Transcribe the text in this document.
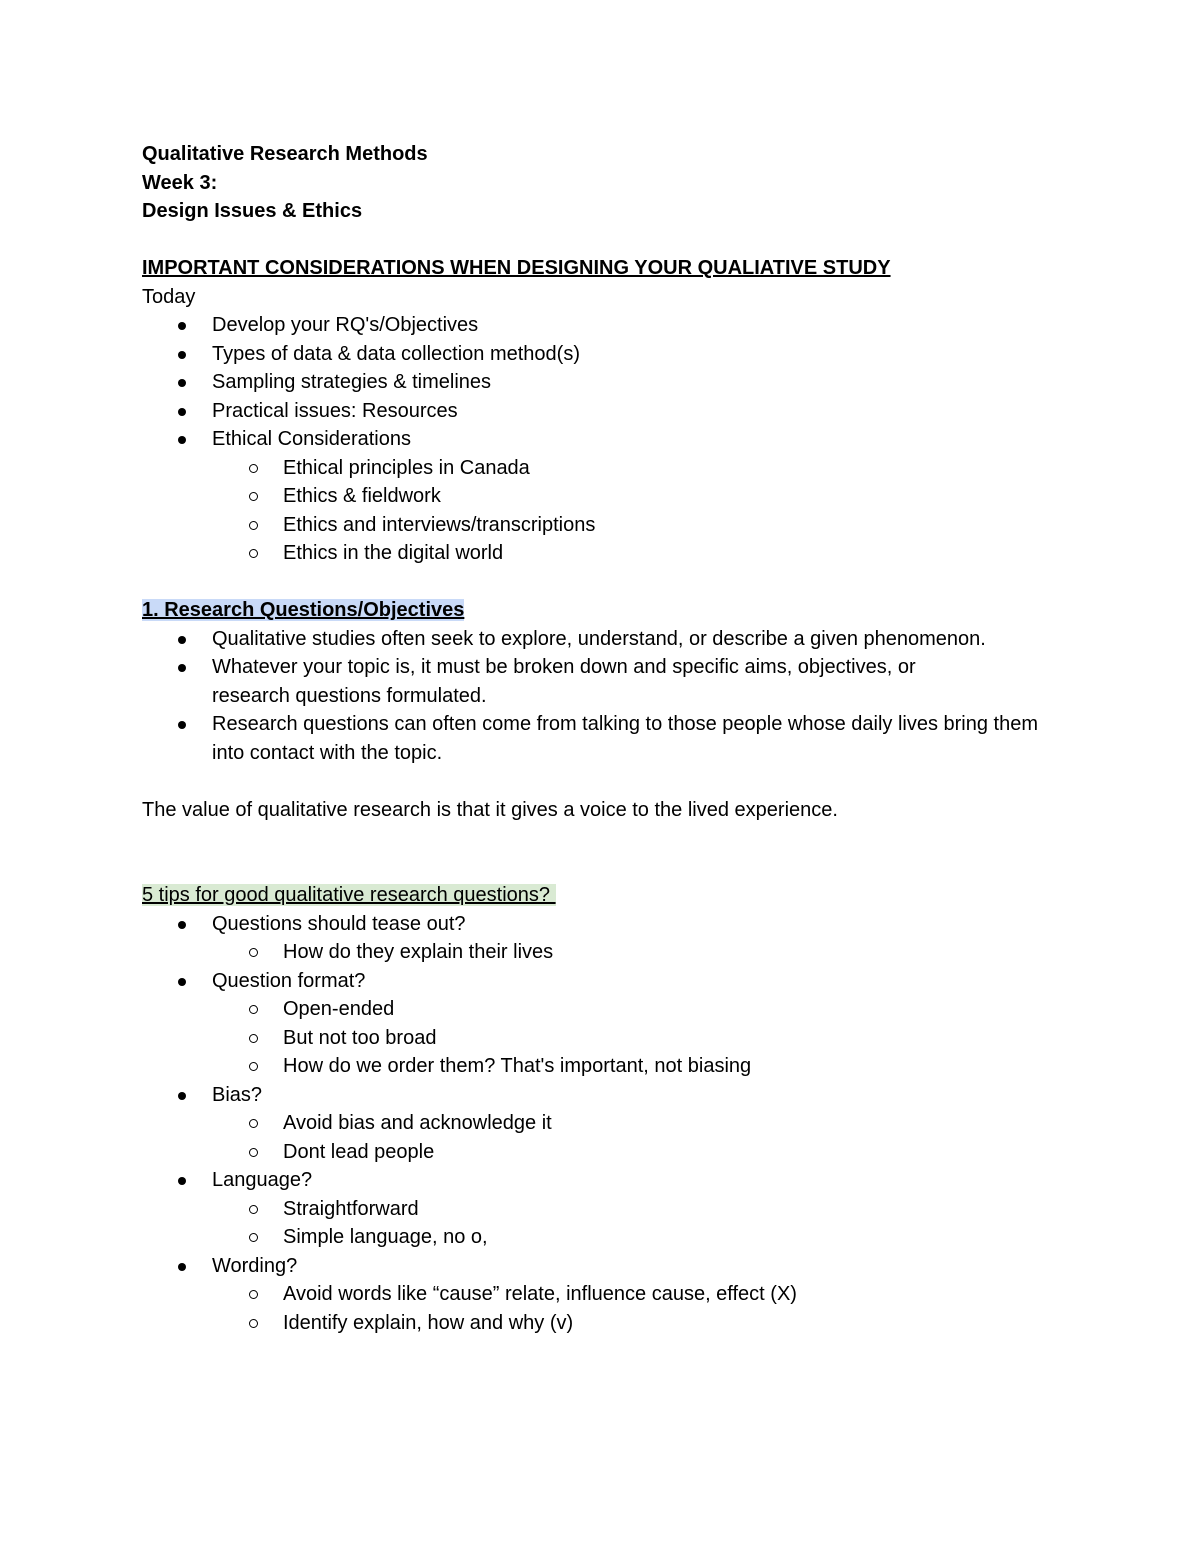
Qualitative Research Methods
Week 3:
Design Issues & Ethics
IMPORTANT CONSIDERATIONS WHEN DESIGNING YOUR QUALIATIVE STUDY
Today
Develop your RQ's/Objectives
Types of data & data collection method(s)
Sampling strategies & timelines
Practical issues: Resources
Ethical Considerations
Ethical principles in Canada
Ethics & fieldwork
Ethics and interviews/transcriptions
Ethics in the digital world
1. Research Questions/Objectives
Qualitative studies often seek to explore, understand, or describe a given phenomenon.
Whatever your topic is, it must be broken down and specific aims, objectives, or research questions formulated.
Research questions can often come from talking to those people whose daily lives bring them into contact with the topic.
The value of qualitative research is that it gives a voice to the lived experience.
5 tips for good qualitative research questions?
Questions should tease out?
How do they explain their lives
Question format?
Open-ended
But not too broad
How do we order them? That's important, not biasing
Bias?
Avoid bias and acknowledge it
Dont lead people
Language?
Straightforward
Simple language, no o,
Wording?
Avoid words like “cause” relate, influence cause, effect (X)
Identify explain, how and why (v)
